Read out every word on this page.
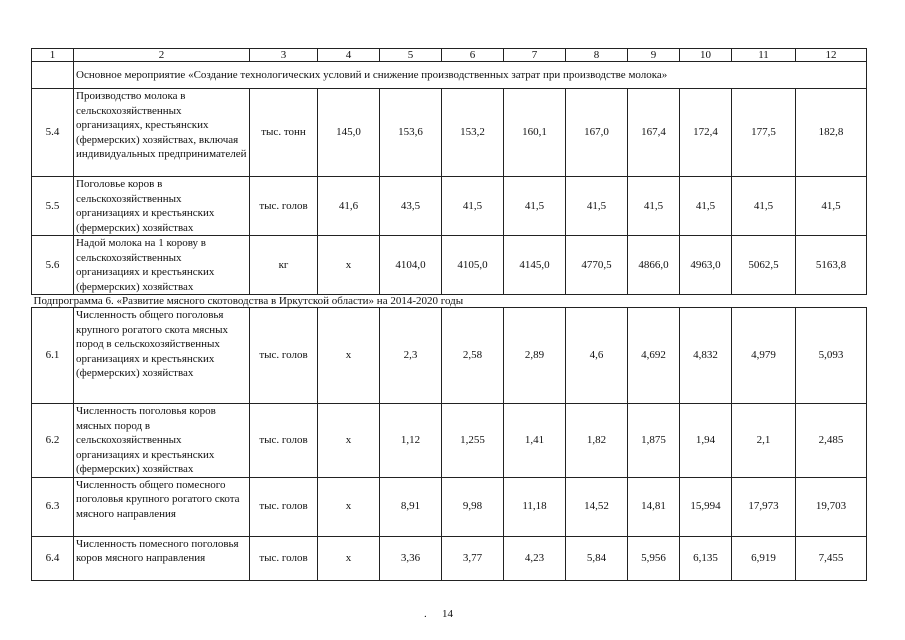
1	2	3	4	5	6	7	8	9	10	11	12
	Основное мероприятие «Создание технологических условий и снижение производственных затрат при производстве молока»										
5.4	Производство молока в сельскохозяйственных организациях, крестьянских (фермерских) хозяйствах, включая индивидуальных предпринимателей	тыс. тонн	145,0	153,6	153,2	160,1	167,0	167,4	172,4	177,5	182,8
5.5	Поголовье коров в сельскохозяйственных организациях и крестьянских (фермерских) хозяйствах	тыс. голов	41,6	43,5	41,5	41,5	41,5	41,5	41,5	41,5	41,5
5.6	Надой молока на 1 корову в сельскохозяйственных организациях и крестьянских (фермерских) хозяйствах	кг	х	4104,0	4105,0	4145,0	4770,5	4866,0	4963,0	5062,5	5163,8
Подпрограмма 6. «Развитие мясного скотоводства в Иркутской области» на 2014-2020 годы											
6.1	Численность общего поголовья крупного рогатого скота мясных пород в сельскохозяйственных организациях и крестьянских (фермерских) хозяйствах	тыс. голов	х	2,3	2,58	2,89	4,6	4,692	4,832	4,979	5,093
6.2	Численность поголовья коров мясных пород в сельскохозяйственных организациях и крестьянских (фермерских) хозяйствах	тыс. голов	х	1,12	1,255	1,41	1,82	1,875	1,94	2,1	2,485
6.3	Численность общего помесного поголовья крупного рогатого скота мясного направления	тыс. голов	х	8,91	9,98	11,18	14,52	14,81	15,994	17,973	19,703
6.4	Численность помесного поголовья коров мясного направления	тыс. голов	х	3,36	3,77	4,23	5,84	5,956	6,135	6,919	7,455
. 14
